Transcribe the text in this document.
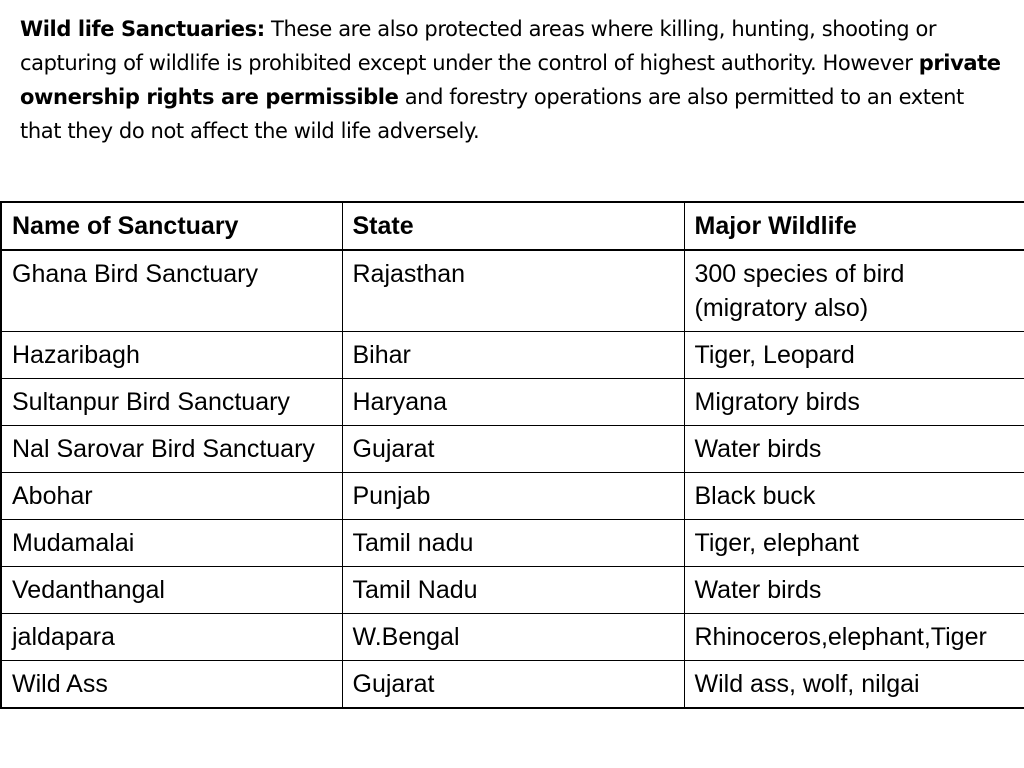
Wild life Sanctuaries: These are also protected areas where killing, hunting, shooting or capturing of wildlife is prohibited except under the control of highest authority. However private ownership rights are permissible and forestry operations are also permitted to an extent that they do not affect the wild life adversely.

Name of Sanctuary	State	Major Wildlife
Ghana Bird Sanctuary	Rajasthan	300 species of bird (migratory also)
Hazaribagh	Bihar	Tiger, Leopard
Sultanpur Bird Sanctuary	Haryana	Migratory birds
Nal Sarovar Bird Sanctuary	Gujarat	Water birds
Abohar	Punjab	Black buck
Mudamalai	Tamil nadu	Tiger, elephant
Vedanthangal	Tamil Nadu	Water birds
jaldapara	W.Bengal	Rhinoceros,elephant,Tiger
Wild Ass	Gujarat	Wild ass, wolf, nilgai
